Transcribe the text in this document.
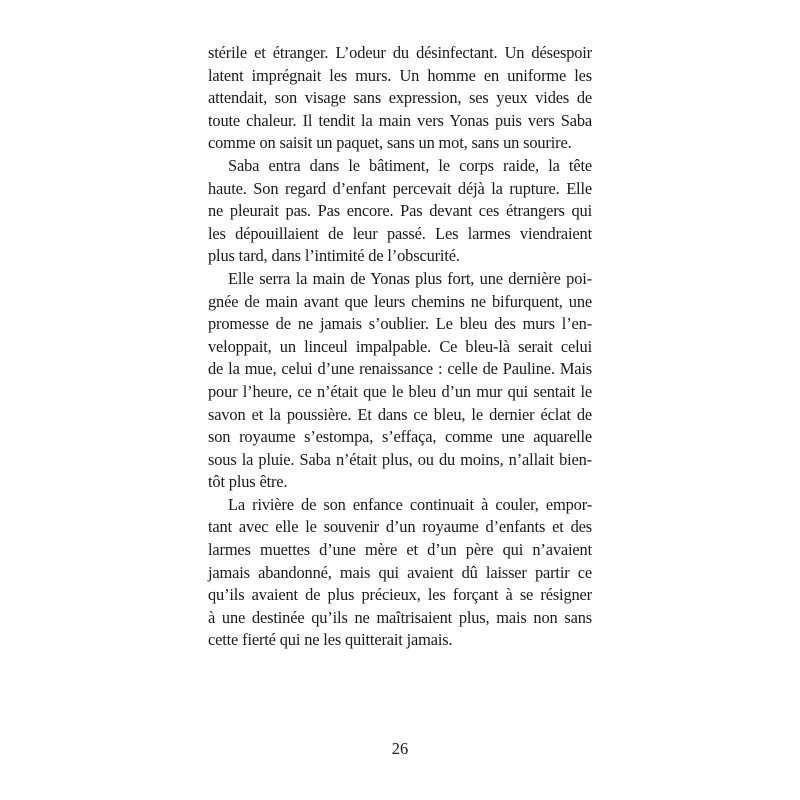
stérile et étranger. L’odeur du désinfectant. Un désespoir
latent imprégnait les murs. Un homme en uniforme les
attendait, son visage sans expression, ses yeux vides de
toute chaleur. Il tendit la main vers Yonas puis vers Saba
comme on saisit un paquet, sans un mot, sans un sourire.
Saba entra dans le bâtiment, le corps raide, la tête
haute. Son regard d’enfant percevait déjà la rupture. Elle
ne pleurait pas. Pas encore. Pas devant ces étrangers qui
les dépouillaient de leur passé. Les larmes viendraient
plus tard, dans l’intimité de l’obscurité.
Elle serra la main de Yonas plus fort, une dernière poi-
gnée de main avant que leurs chemins ne bifurquent, une
promesse de ne jamais s’oublier. Le bleu des murs l’en-
veloppait, un linceul impalpable. Ce bleu-là serait celui
de la mue, celui d’une renaissance : celle de Pauline. Mais
pour l’heure, ce n’était que le bleu d’un mur qui sentait le
savon et la poussière. Et dans ce bleu, le dernier éclat de
son royaume s’estompa, s’effaça, comme une aquarelle
sous la pluie. Saba n’était plus, ou du moins, n’allait bien-
tôt plus être.
La rivière de son enfance continuait à couler, empor-
tant avec elle le souvenir d’un royaume d’enfants et des
larmes muettes d’une mère et d’un père qui n’avaient
jamais abandonné, mais qui avaient dû laisser partir ce
qu’ils avaient de plus précieux, les forçant à se résigner
à une destinée qu’ils ne maîtrisaient plus, mais non sans
cette fierté qui ne les quitterait jamais.
26
